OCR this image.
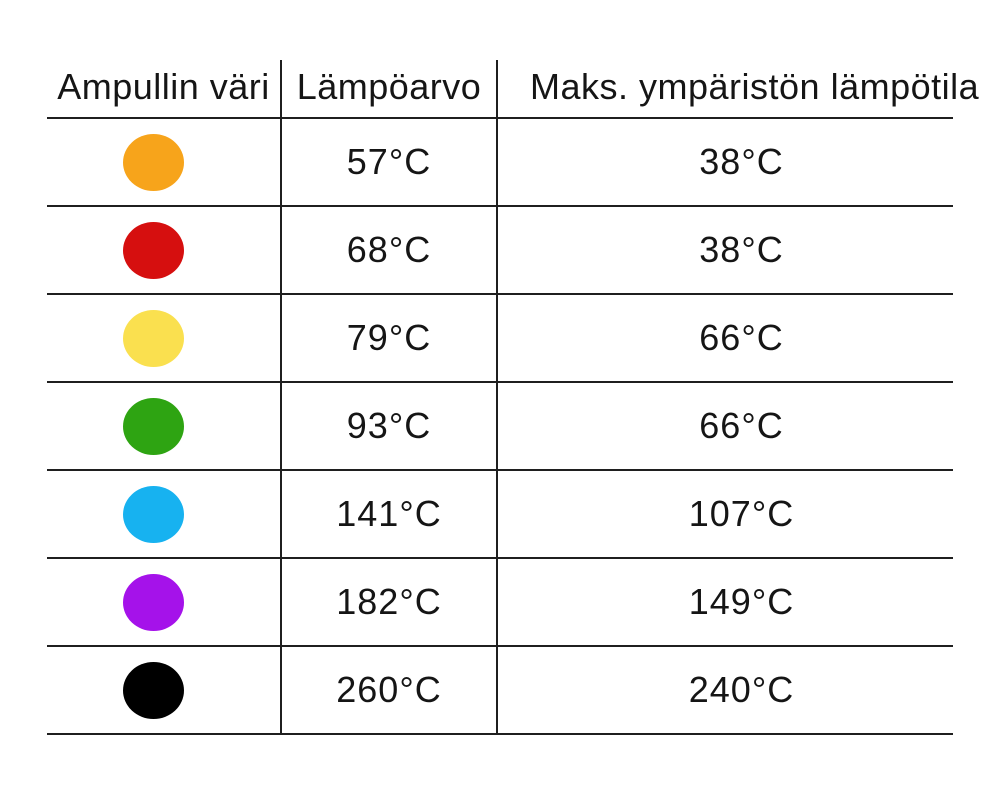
Ampullin väri	Lämpöarvo	Maks. ympäristön lämpötila
	57°C	38°C
	68°C	38°C
	79°C	66°C
	93°C	66°C
	141°C	107°C
	182°C	149°C
	260°C	240°C
